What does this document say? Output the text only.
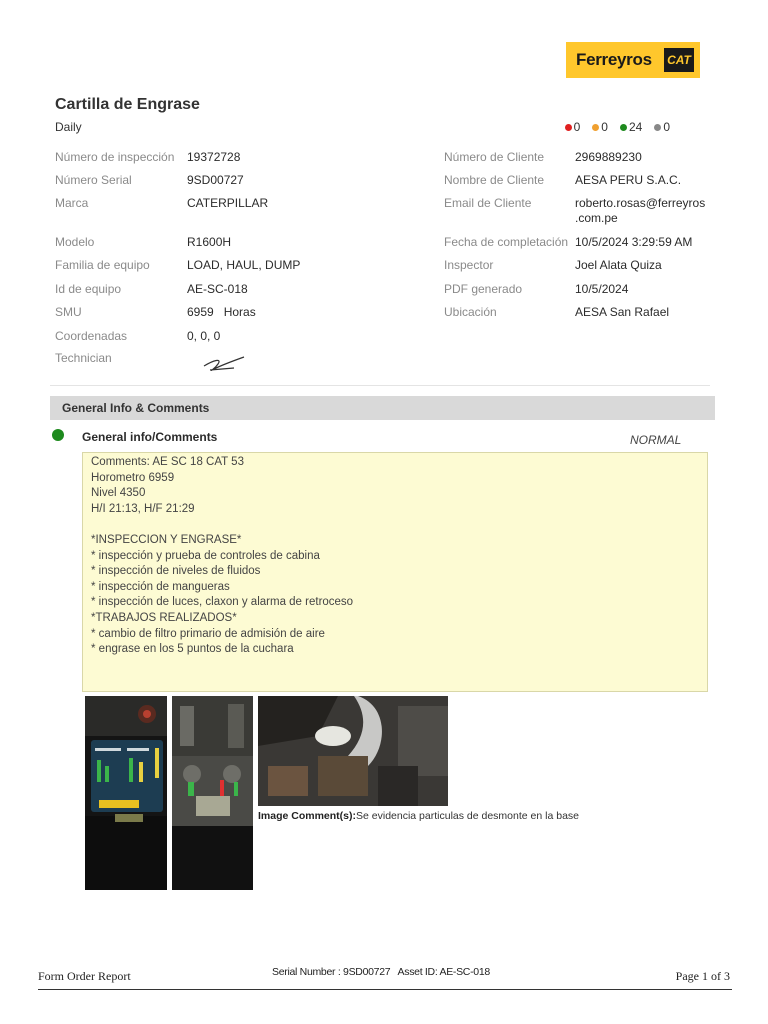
Ferreyros CAT
Cartilla de Engrase
Daily	0 0 24 0
Número de inspección 19372728
Número Serial	9SD00727
Marca	CATERPILLAR
Modelo	R1600H
Familia de equipo	LOAD, HAUL, DUMP
Id de equipo	AE-SC-018
SMU	6959   Horas
Coordenadas	0, 0, 0
Technician
Número de Cliente	2969889230
Nombre de Cliente	AESA PERU S.A.C.
Email de Cliente	roberto.rosas@ferreyros
.com.pe
Fecha de completación 10/5/2024 3:29:59 AM
Inspector	Joel Alata Quiza
PDF generado	10/5/2024
Ubicación	AESA San Rafael
General Info & Comments
General info/Comments	NORMAL
Comments: AE SC 18 CAT 53
Horometro 6959
Nivel 4350
H/I 21:13, H/F 21:29

*INSPECCION Y ENGRASE*
* inspección y prueba de controles de cabina
* inspección de niveles de fluidos
* inspección de mangueras
* inspección de luces, claxon y alarma de retroceso
*TRABAJOS REALIZADOS*
* cambio de filtro primario de admisión de aire
* engrase en los 5 puntos de la cuchara
Image Comment(s):Se evidencia particulas de desmonte en la base
Form Order Report	Serial Number : 9SD00727   Asset ID: AE-SC-018	Page 1 of 3
